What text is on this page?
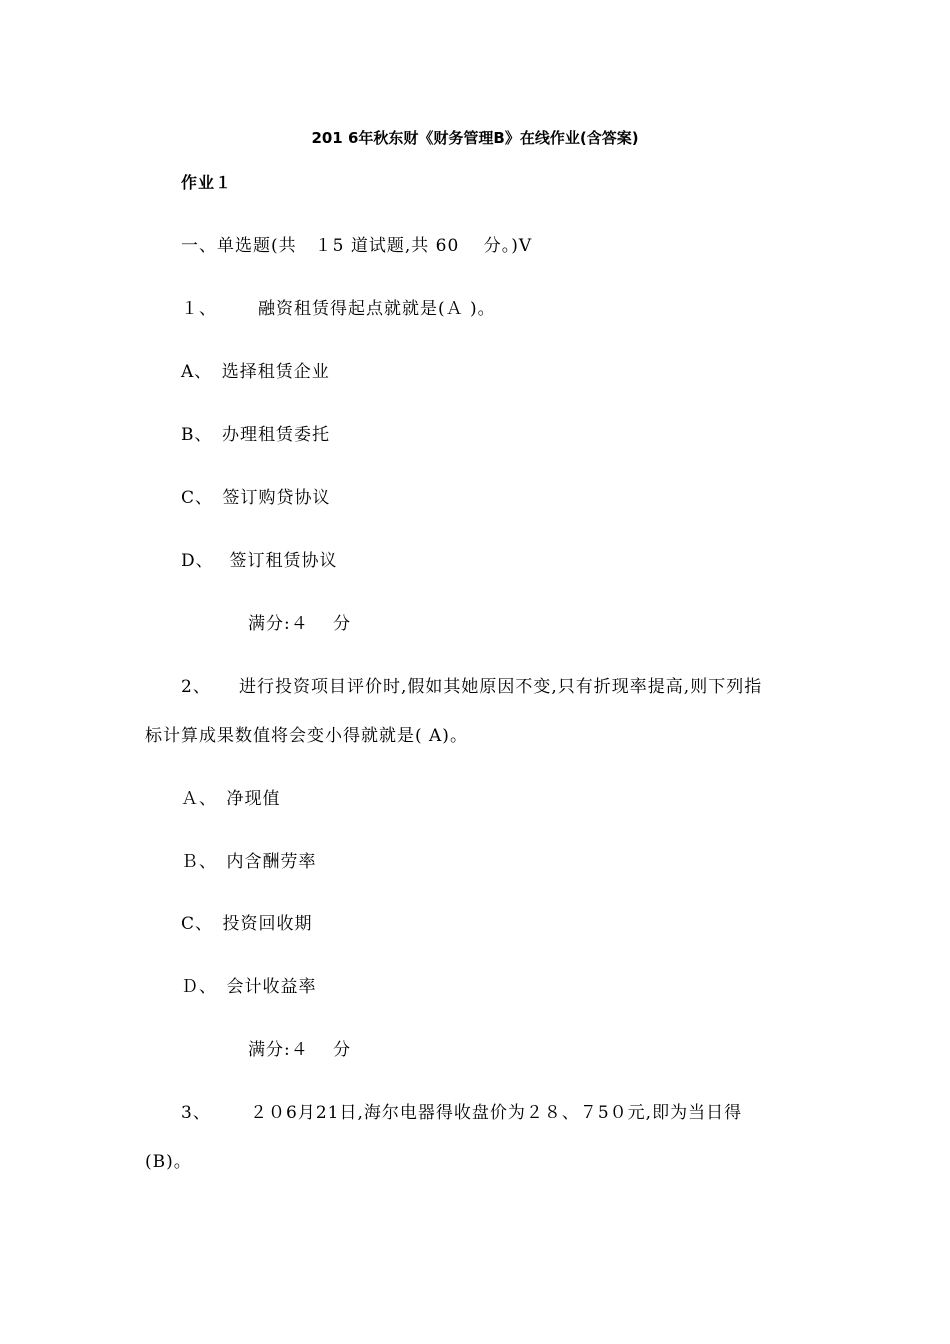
201 6年秋东财《财务管理B》在线作业(含答案)
作业１
一、单选题(共　１5 道试题,共 60　 分。)V
１、 融资租赁得起点就就是(Ａ )。
A、　选择租赁企业
B、　办理租赁委托
C、　签订购贷协议
D、　 签订租赁协议
满分:４　 分
2、 进行投资项目评价时,假如其她原因不变,只有折现率提高,则下列指
标计算成果数值将会变小得就就是( A)。
Ａ、　净现值
Ｂ、　内含酬劳率
C、　投资回收期
Ｄ、　会计收益率
满分:４　 分
3、 ２０6月21日,海尔电器得收盘价为２８、７5０元,即为当日得
(B)。
